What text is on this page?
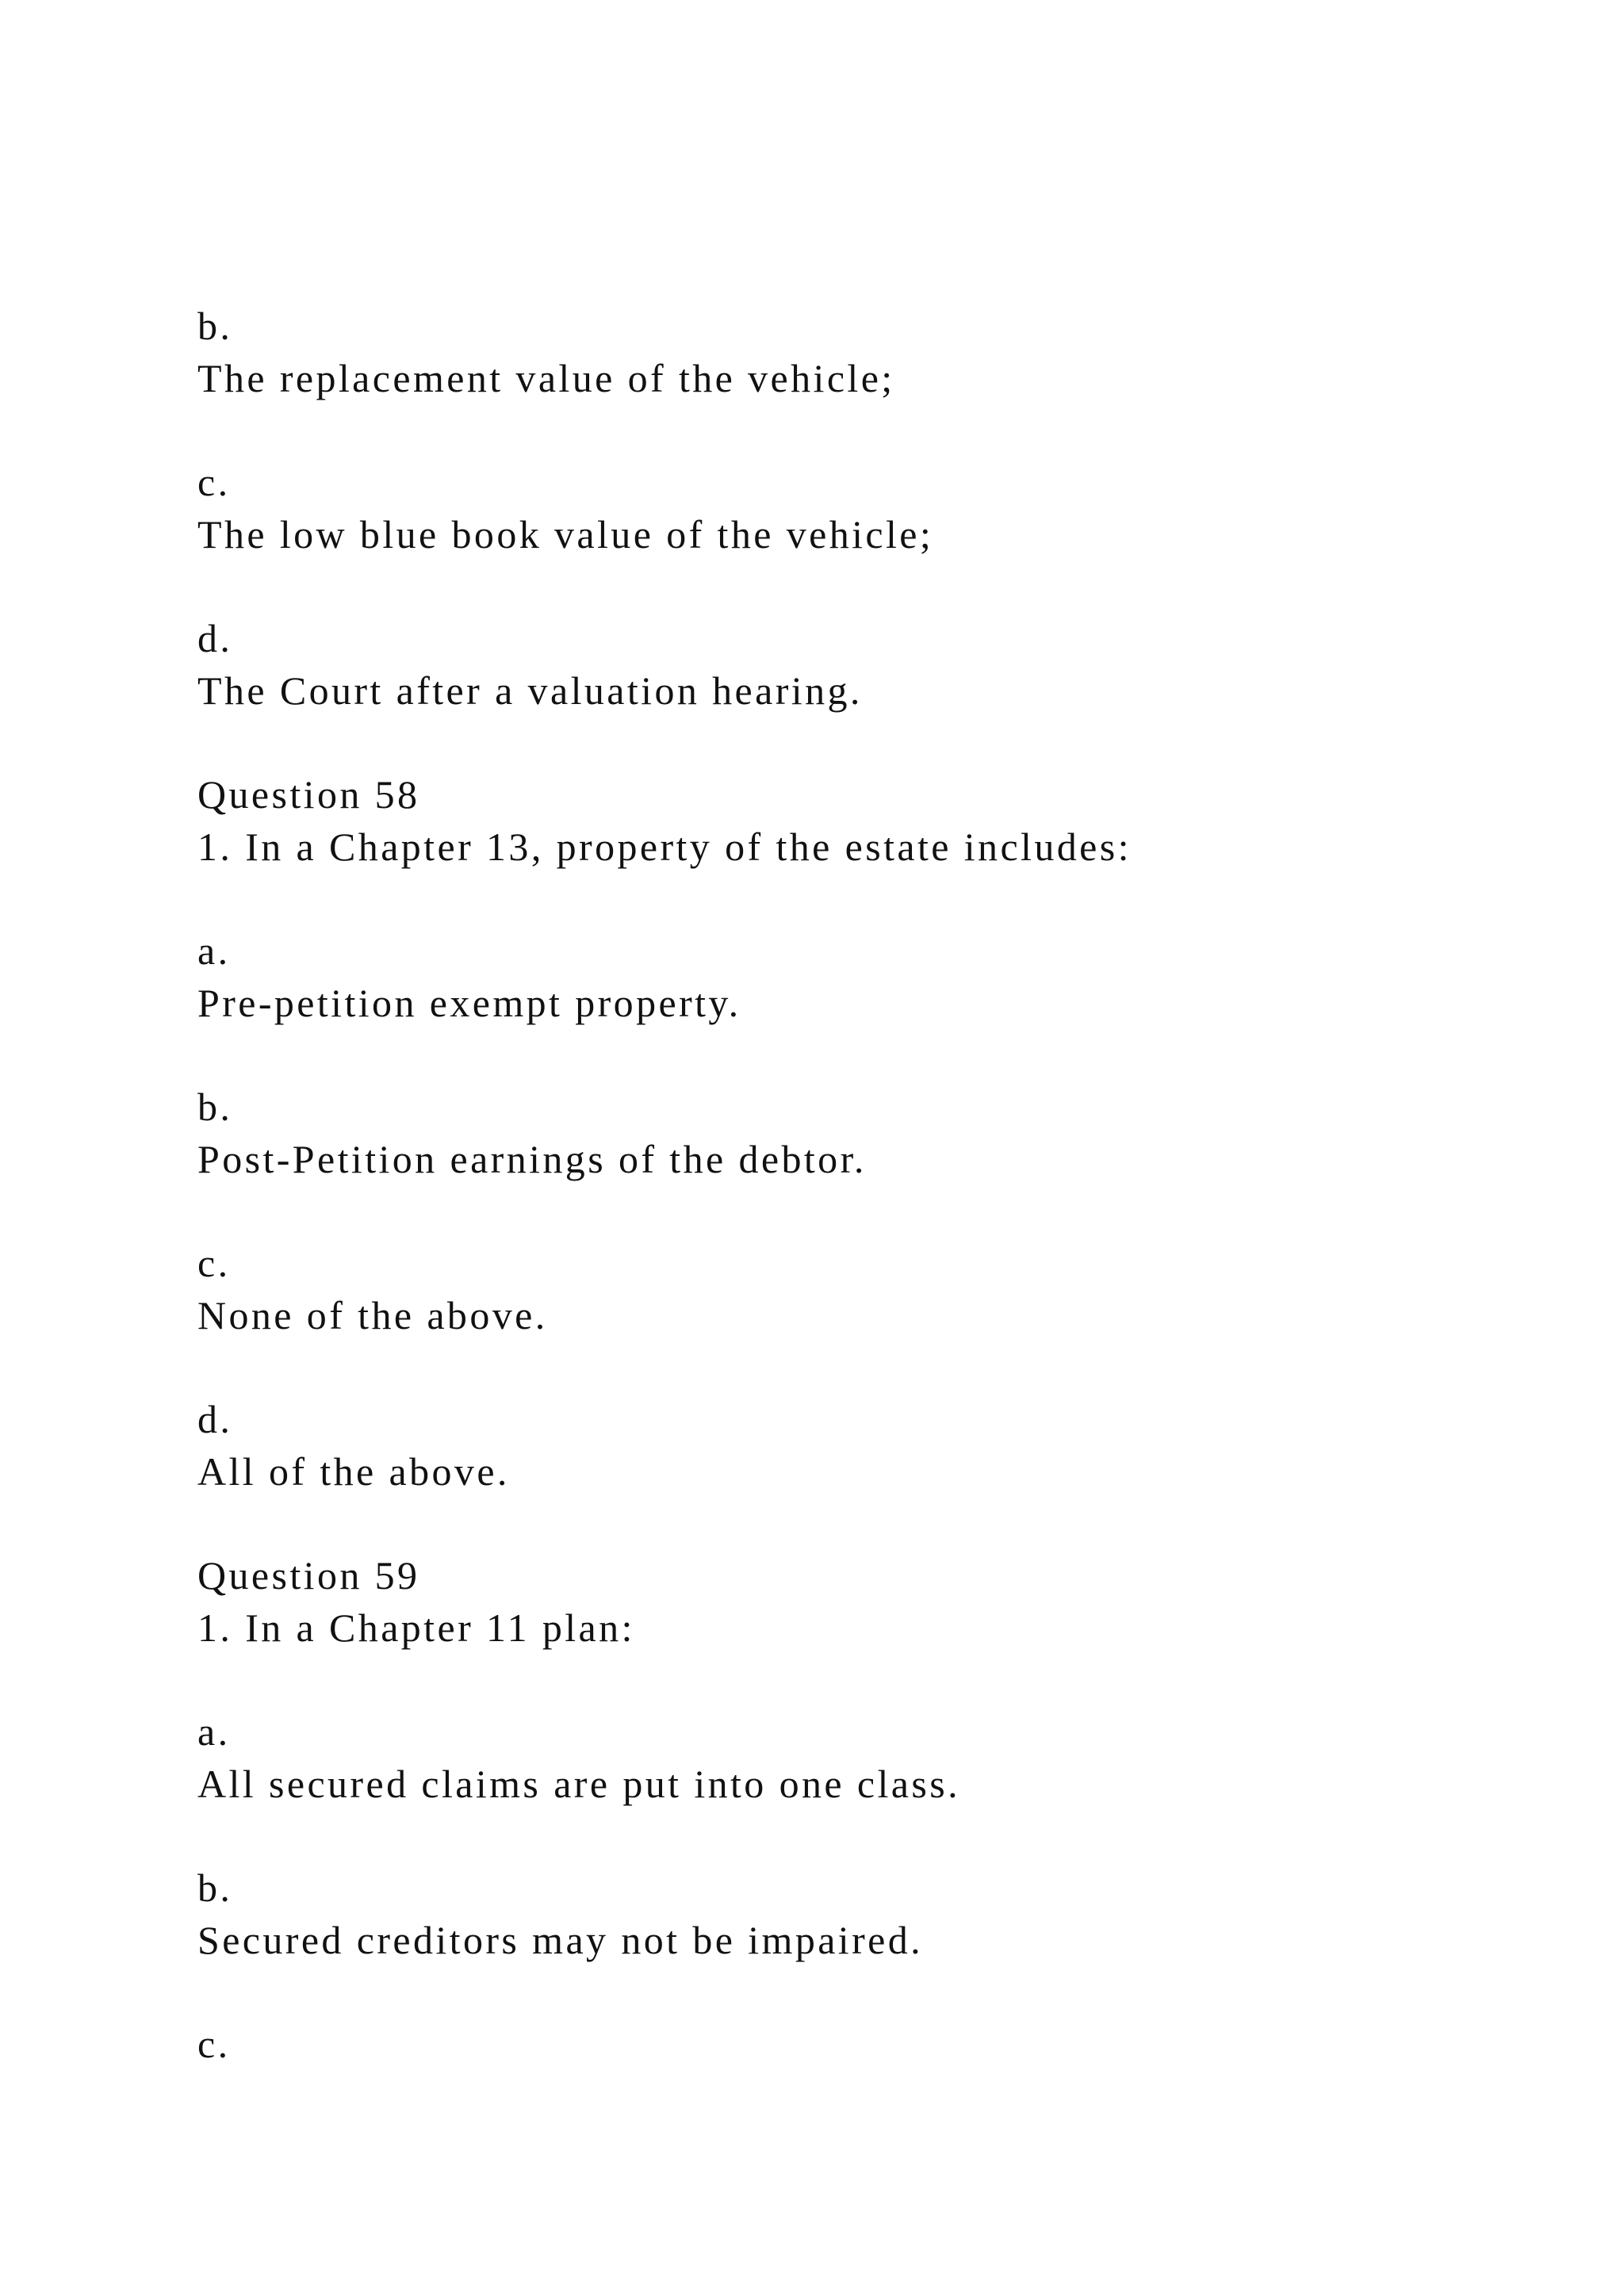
b.
The replacement value of the vehicle;
c.
The low blue book value of the vehicle;
d.
The Court after a valuation hearing.
Question 58
1. In a Chapter 13, property of the estate includes:
a.
Pre-petition exempt property.
b.
Post-Petition earnings of the debtor.
c.
None of the above.
d.
All of the above.
Question 59
1. In a Chapter 11 plan:
a.
All secured claims are put into one class.
b.
Secured creditors may not be impaired.
c.
